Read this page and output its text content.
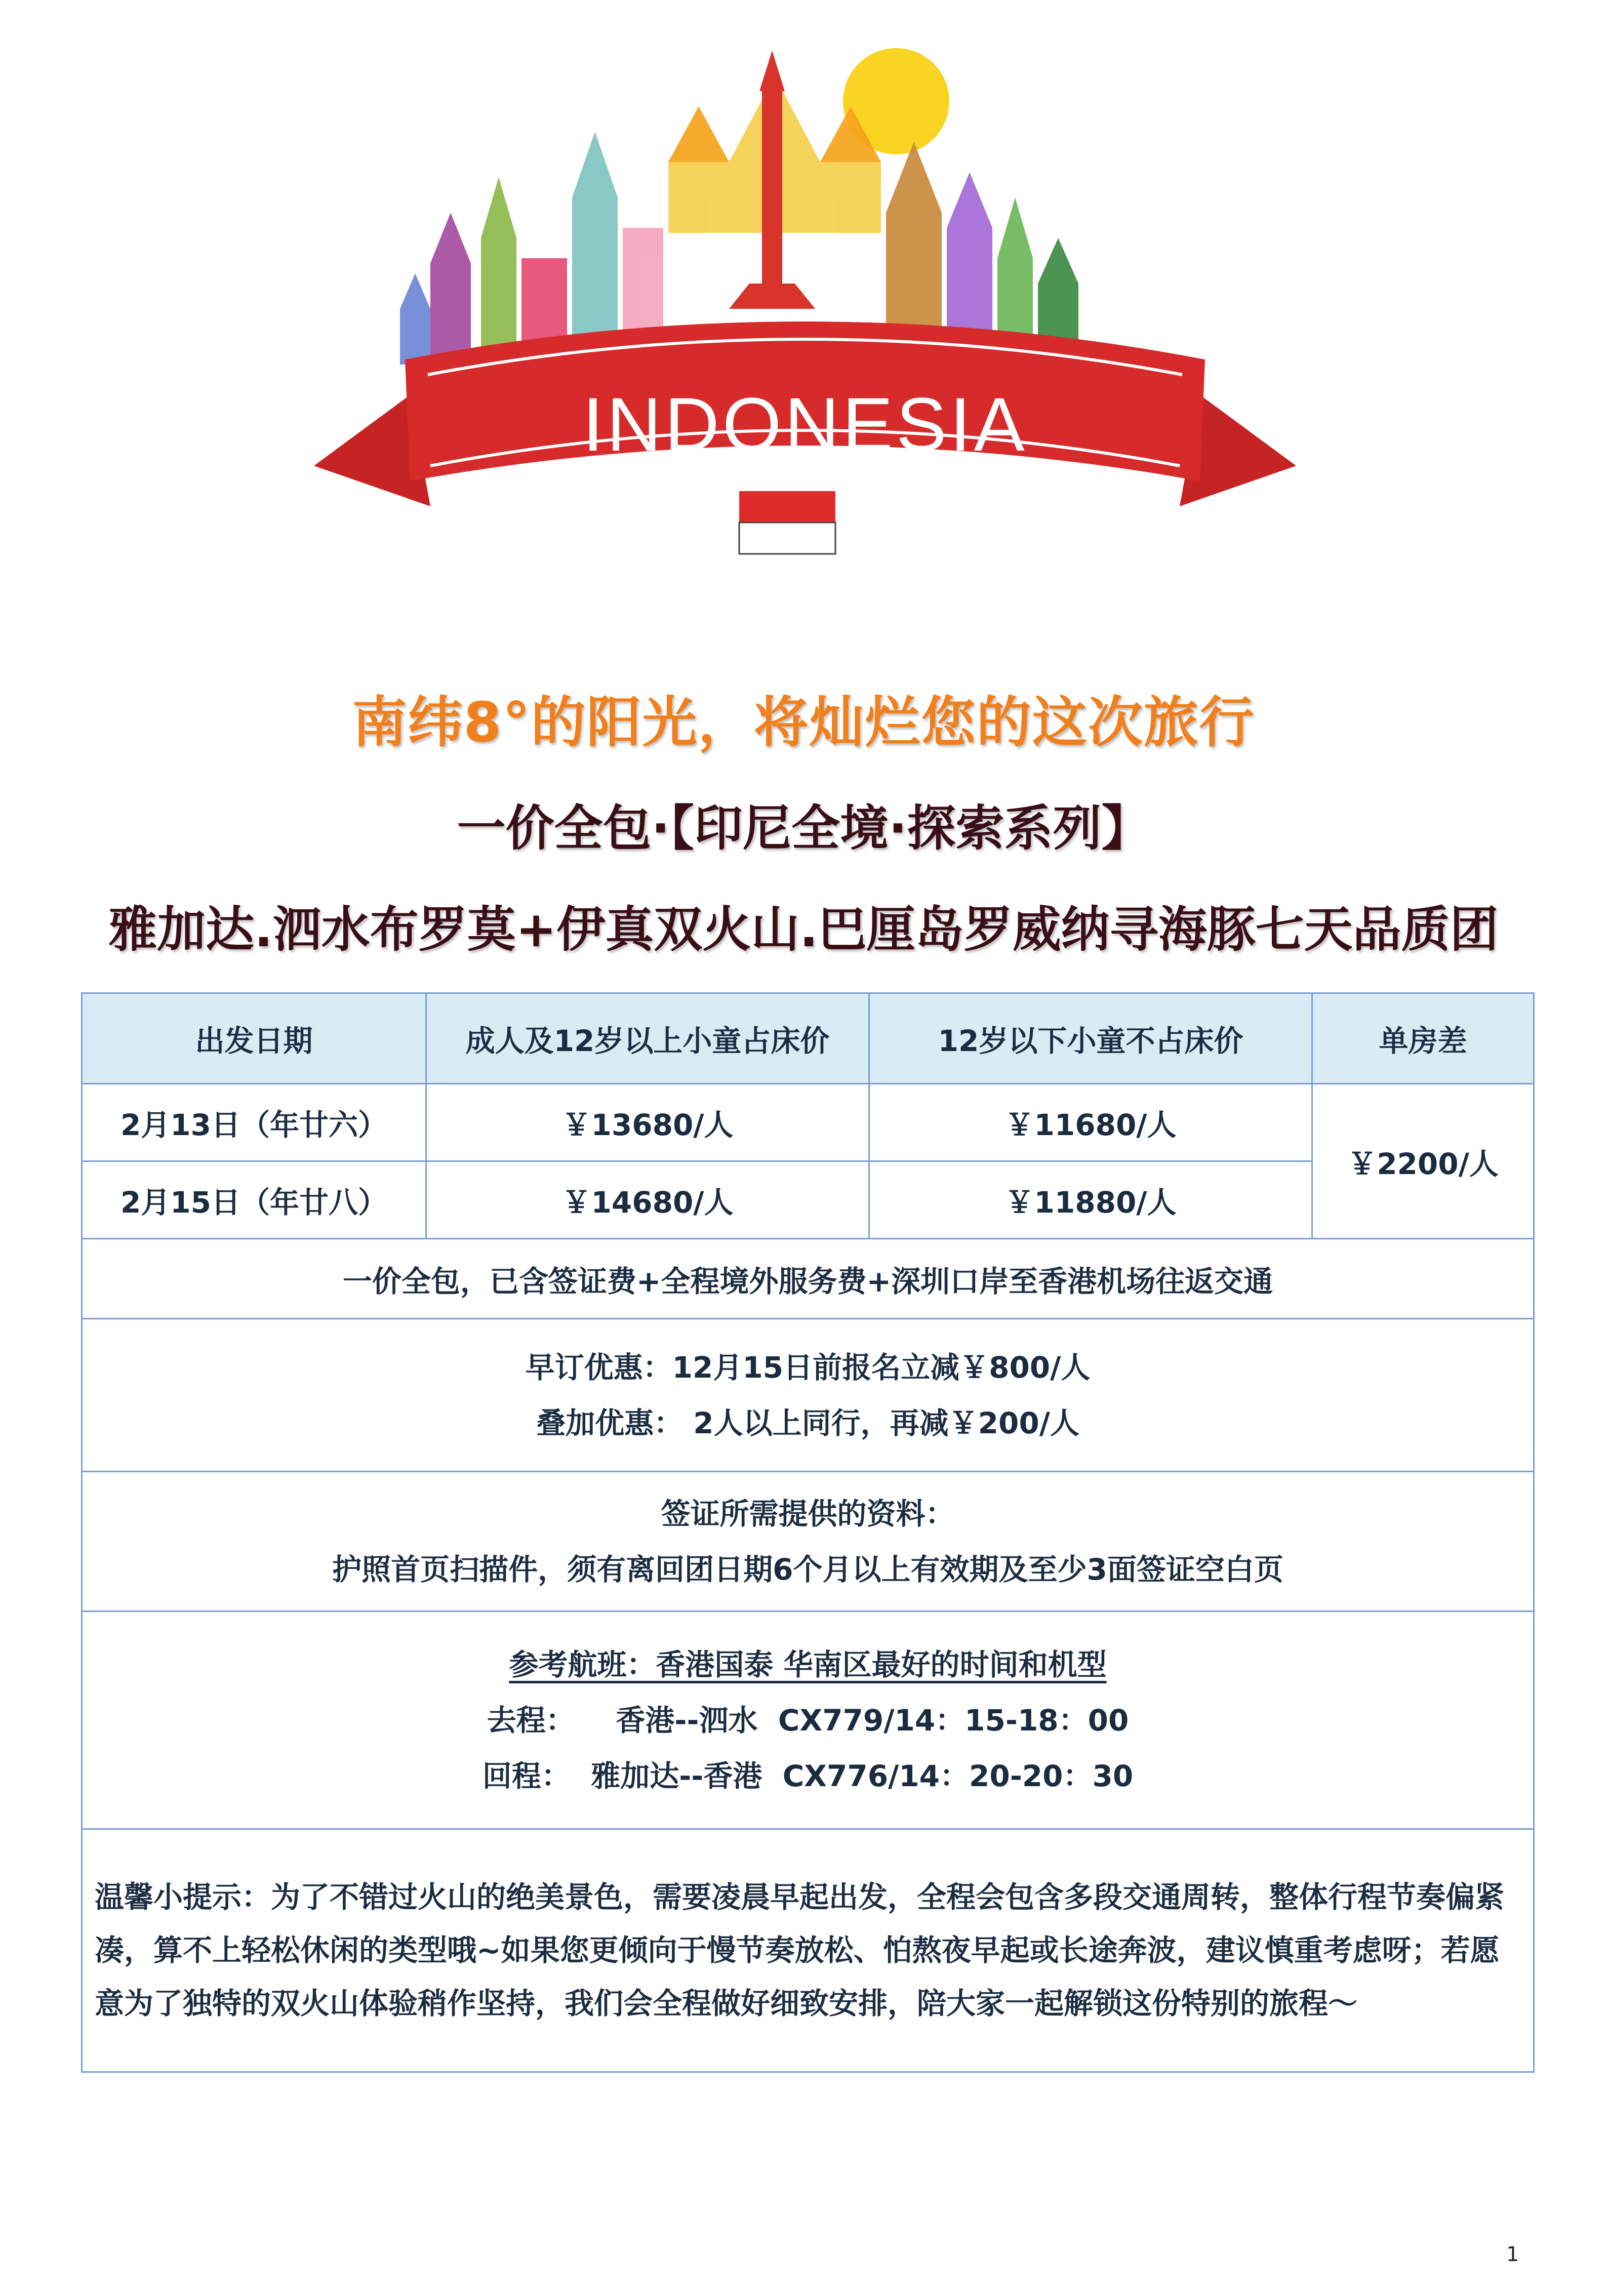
INDONESIA
南纬8°的阳光，将灿烂您的这次旅行
一价全包·【印尼全境·探索系列】
雅加达.泗水布罗莫+伊真双火山.巴厘岛罗威纳寻海豚七天品质团
出发日期	成人及12岁以上小童占床价	12岁以下小童不占床价	单房差
2月13日（年廿六）	￥13680/人	￥11680/人	￥2200/人
2月15日（年廿八）	￥14680/人	￥11880/人	
一价全包，已含签证费+全程境外服务费+深圳口岸至香港机场往返交通			

早订优惠：12月15日前报名立减￥800/人
叠加优惠： 2人以上同行，再减￥200/人			

签证所需提供的资料：
护照首页扫描件，须有离回团日期6个月以上有效期及至少3面签证空白页			

参考航班：香港国泰 华南区最好的时间和机型
去程：    香港--泗水  CX779/14：15-18：00
回程：  雅加达--香港  CX776/14：20-20：30			

温馨小提示：为了不错过火山的绝美景色，需要凌晨早起出发，全程会包含多段交通周转，整体行程节奏偏紧凑，算不上轻松休闲的类型哦~如果您更倾向于慢节奏放松、怕熬夜早起或长途奔波，建议慎重考虑呀；若愿意为了独特的双火山体验稍作坚持，我们会全程做好细致安排，陪大家一起解锁这份特别的旅程～			
1
